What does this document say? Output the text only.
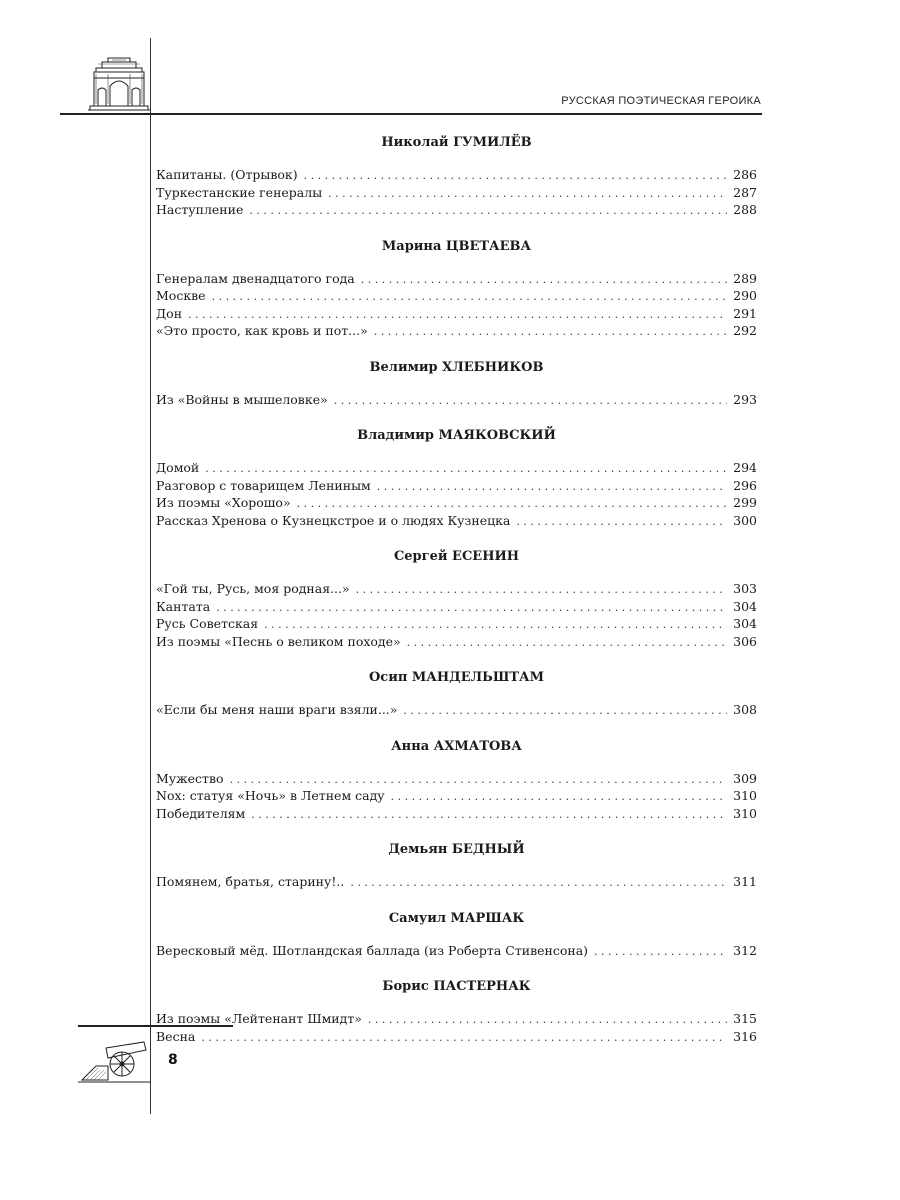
РУССКАЯ ПОЭТИЧЕСКАЯ ГЕРОИКА
Николай ГУМИЛЁВ
Капитаны. (Отрывок) . . .	286
Туркестанские генералы . . .	287
Наступление . . .	288
Марина ЦВЕТАЕВА
Генералам двенадцатого года . . .	289
Москве . . .	290
Дон . . .	291
«Это просто, как кровь и пот...» . . .	292
Велимир ХЛЕБНИКОВ
Из «Войны в мышеловке» . . .	293
Владимир МАЯКОВСКИЙ
Домой . . .	294
Разговор с товарищем Лениным . . .	296
Из поэмы «Хорошо» . . .	299
Рассказ Хренова о Кузнецкстрое и о людях Кузнецка . . .	300
Сергей ЕСЕНИН
«Гой ты, Русь, моя родная...» . . .	303
Кантата . . .	304
Русь Советская . . .	304
Из поэмы «Песнь о великом походе» . . .	306
Осип МАНДЕЛЬШТАМ
«Если бы меня наши враги взяли...» . . .	308
Анна АХМАТОВА
Мужество . . .	309
Nox: статуя «Ночь» в Летнем саду . . .	310
Победителям . . .	310
Демьян БЕДНЫЙ
Помянем, братья, старину!.. . . .	311
Самуил МАРШАК
Вересковый мёд. Шотландская баллада (из Роберта Стивенсона) . . .	312
Борис ПАСТЕРНАК
Из поэмы «Лейтенант Шмидт» . . .	315
Весна . . .	316
8
